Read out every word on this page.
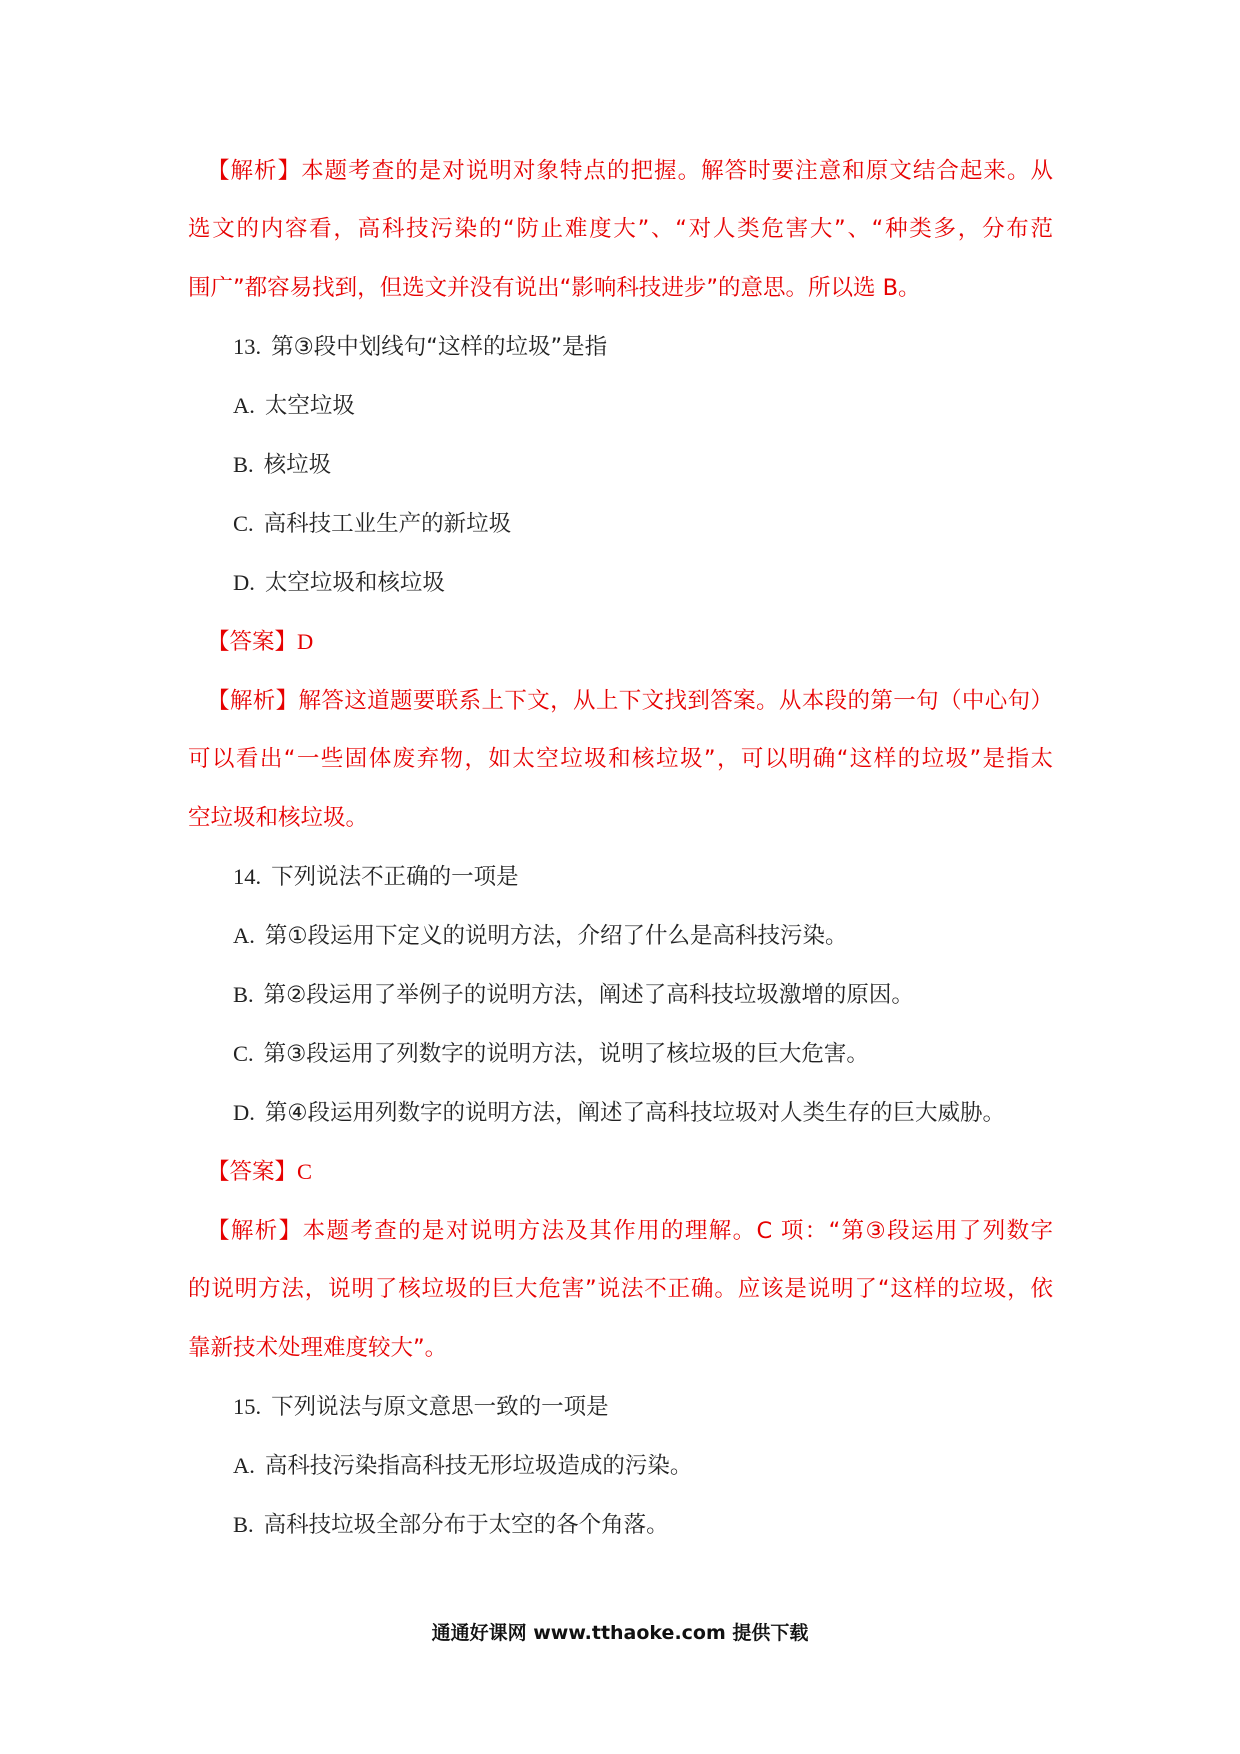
【解析】本题考查的是对说明对象特点的把握。解答时要注意和原文结合起来。从
选文的内容看，高科技污染的“防止难度大”、“对人类危害大”、“种类多，分布范
围广”都容易找到，但选文并没有说出“影响科技进步”的意思。所以选 B。
13. 第③段中划线句“这样的垃圾”是指
A. 太空垃圾
B. 核垃圾
C. 高科技工业生产的新垃圾
D. 太空垃圾和核垃圾
【答案】D
【解析】解答这道题要联系上下文，从上下文找到答案。从本段的第一句（中心句）
可以看出“一些固体废弃物，如太空垃圾和核垃圾”，可以明确“这样的垃圾”是指太
空垃圾和核垃圾。
14. 下列说法不正确的一项是
A. 第①段运用下定义的说明方法，介绍了什么是高科技污染。
B. 第②段运用了举例子的说明方法，阐述了高科技垃圾激增的原因。
C. 第③段运用了列数字的说明方法，说明了核垃圾的巨大危害。
D. 第④段运用列数字的说明方法，阐述了高科技垃圾对人类生存的巨大威胁。
【答案】C
【解析】本题考查的是对说明方法及其作用的理解。C 项：“第③段运用了列数字
的说明方法，说明了核垃圾的巨大危害”说法不正确。应该是说明了“这样的垃圾，依
靠新技术处理难度较大”。
15. 下列说法与原文意思一致的一项是
A. 高科技污染指高科技无形垃圾造成的污染。
B. 高科技垃圾全部分布于太空的各个角落。
通通好课网 www.tthaoke.com 提供下载
